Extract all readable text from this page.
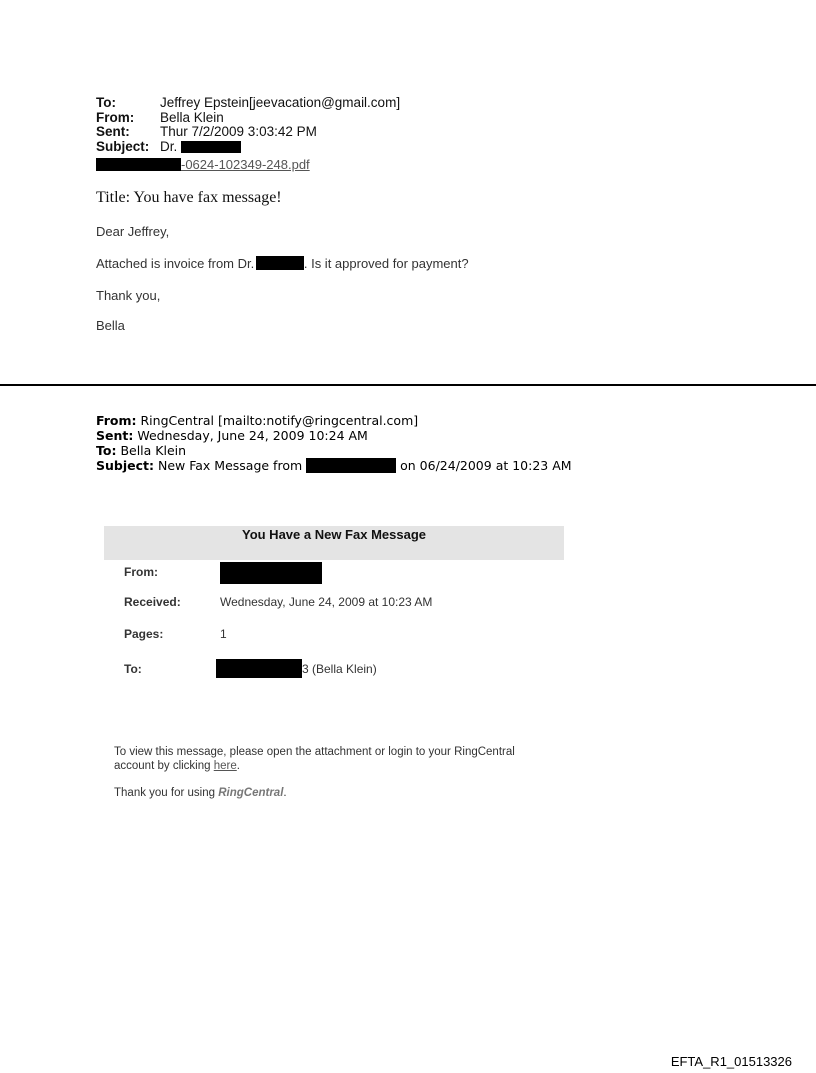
To:	Jeffrey Epstein[jeevacation@gmail.com]
From:	Bella Klein
Sent:	Thur 7/2/2009 3:03:42 PM
Subject: Dr.
-0624-102349-248.pdf
Title: You have fax message!
Dear Jeffrey,
Attached is invoice from Dr.	. Is it approved for payment?
Thank you,
Bella
From: RingCentral [mailto:notify@ringcentral.com]
Sent: Wednesday, June 24, 2009 10:24 AM
To: Bella Klein
Subject: New Fax Message from	on 06/24/2009 at 10:23 AM
You Have a New Fax Message
From:
Received:	Wednesday, June 24, 2009 at 10:23 AM
Pages:	1
To:	3 (Bella Klein)
To view this message, please open the attachment or login to your RingCentral
account by clicking here.
Thank you for using RingCentral.
EFTA_R1_01513326
